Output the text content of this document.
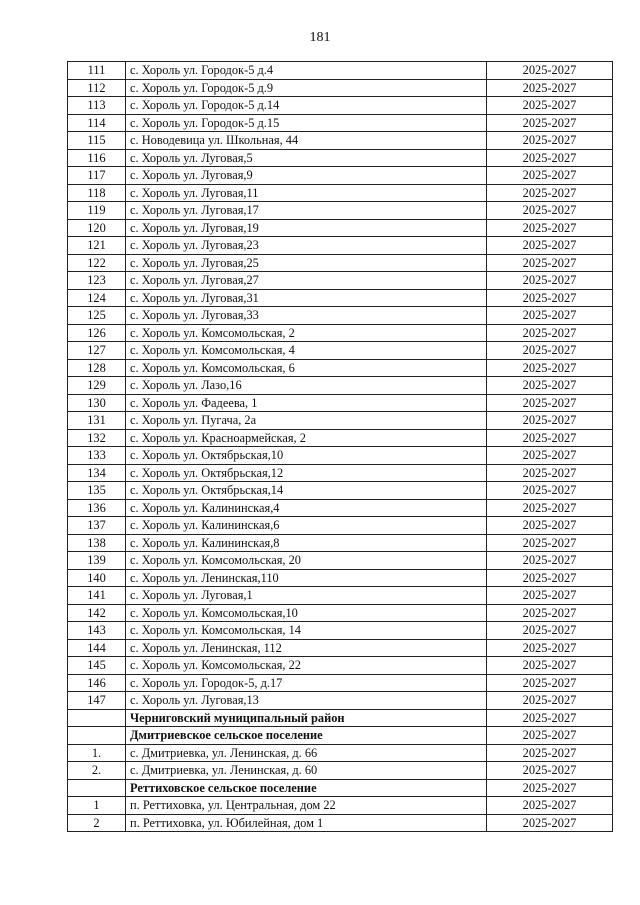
181
111	с. Хороль ул. Городок-5 д.4	2025-2027
112	с. Хороль ул. Городок-5 д.9	2025-2027
113	с. Хороль ул. Городок-5 д.14	2025-2027
114	с. Хороль ул. Городок-5 д.15	2025-2027
115	с. Новодевица ул. Школьная, 44	2025-2027
116	с. Хороль ул. Луговая,5	2025-2027
117	с. Хороль ул. Луговая,9	2025-2027
118	с. Хороль ул. Луговая,11	2025-2027
119	с. Хороль ул. Луговая,17	2025-2027
120	с. Хороль ул. Луговая,19	2025-2027
121	с. Хороль ул. Луговая,23	2025-2027
122	с. Хороль ул. Луговая,25	2025-2027
123	с. Хороль ул. Луговая,27	2025-2027
124	с. Хороль ул. Луговая,31	2025-2027
125	с. Хороль ул. Луговая,33	2025-2027
126	с. Хороль ул. Комсомольская, 2	2025-2027
127	с. Хороль ул. Комсомольская, 4	2025-2027
128	с. Хороль ул. Комсомольская, 6	2025-2027
129	с. Хороль ул. Лазо,16	2025-2027
130	с. Хороль ул. Фадеева, 1	2025-2027
131	с. Хороль ул. Пугача, 2а	2025-2027
132	с. Хороль ул. Красноармейская, 2	2025-2027
133	с. Хороль ул. Октябрьская,10	2025-2027
134	с. Хороль ул. Октябрьская,12	2025-2027
135	с. Хороль ул. Октябрьская,14	2025-2027
136	с. Хороль ул. Калининская,4	2025-2027
137	с. Хороль ул. Калининская,6	2025-2027
138	с. Хороль ул. Калининская,8	2025-2027
139	с. Хороль ул. Комсомольская, 20	2025-2027
140	с. Хороль ул. Ленинская,110	2025-2027
141	с. Хороль ул. Луговая,1	2025-2027
142	с. Хороль ул. Комсомольская,10	2025-2027
143	с. Хороль ул. Комсомольская, 14	2025-2027
144	с. Хороль ул. Ленинская, 112	2025-2027
145	с. Хороль ул. Комсомольская, 22	2025-2027
146	с. Хороль ул. Городок-5, д.17	2025-2027
147	с. Хороль ул. Луговая,13	2025-2027
	Черниговский муниципальный район	2025-2027
	Дмитриевское сельское поселение	2025-2027
1.	с. Дмитриевка, ул. Ленинская, д. 66	2025-2027
2.	с. Дмитриевка, ул. Ленинская, д. 60	2025-2027
	Реттиховское сельское поселение	2025-2027
1	п. Реттиховка, ул. Центральная, дом 22	2025-2027
2	п. Реттиховка, ул. Юбилейная, дом 1	2025-2027
